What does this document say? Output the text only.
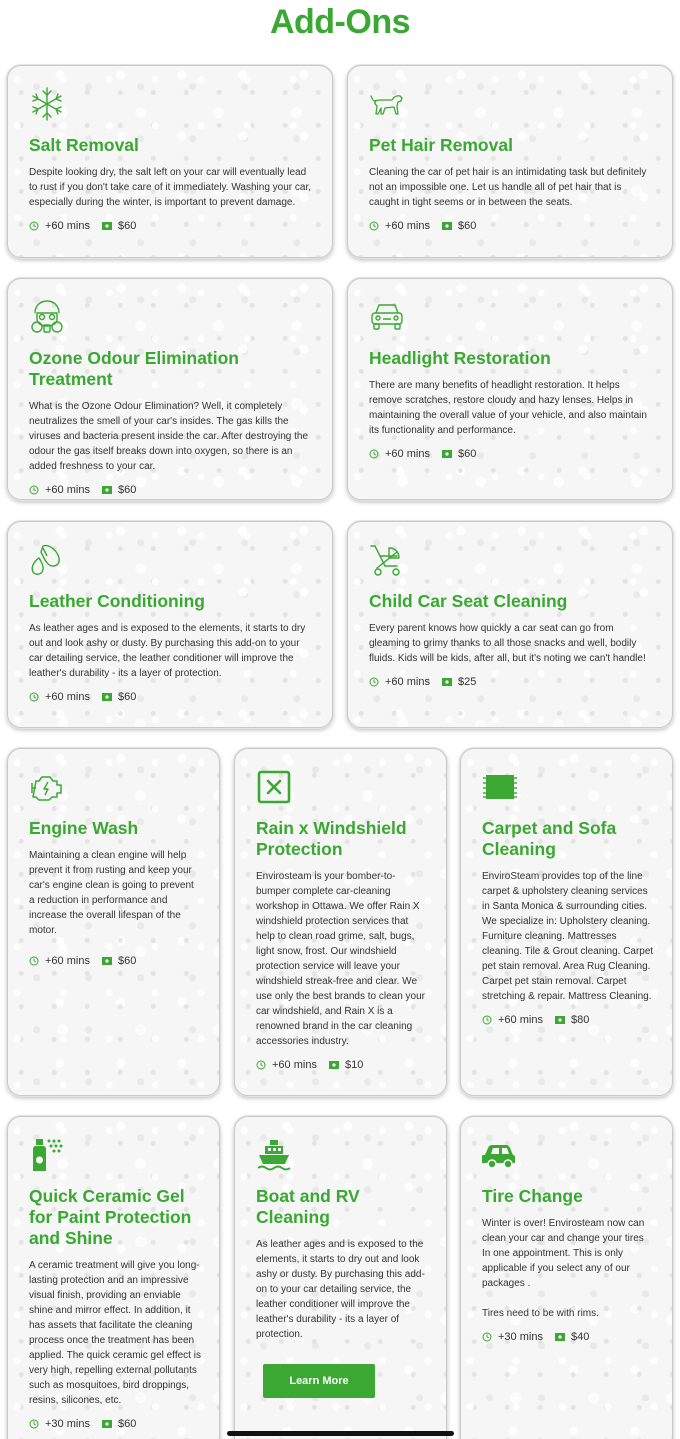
Add-Ons
Salt Removal
Despite looking dry, the salt left on your car will eventually lead to rust if you don't take care of it immediately. Washing your car, especially during the winter, is important to prevent damage.
+60 mins	$60
Pet Hair Removal
Cleaning the car of pet hair is an intimidating task but definitely not an impossible one. Let us handle all of pet hair that is caught in tight seems or in between the seats.
+60 mins	$60
Ozone Odour Elimination Treatment
What is the Ozone Odour Elimination? Well, it completely neutralizes the smell of your car's insides. The gas kills the viruses and bacteria present inside the car. After destroying the odour the gas itself breaks down into oxygen, so there is an added freshness to your car.
+60 mins	$60
Headlight Restoration
There are many benefits of headlight restoration. It helps remove scratches, restore cloudy and hazy lenses. Helps in maintaining the overall value of your vehicle, and also maintain its functionality and performance.
+60 mins	$60
Leather Conditioning
As leather ages and is exposed to the elements, it starts to dry out and look ashy or dusty. By purchasing this add-on to your car detailing service, the leather conditioner will improve the leather's durability - its a layer of protection.
+60 mins	$60
Child Car Seat Cleaning
Every parent knows how quickly a car seat can go from gleaming to grimy thanks to all those snacks and well, bodily fluids. Kids will be kids, after all, but it's noting we can't handle!
+60 mins	$25
Engine Wash
Maintaining a clean engine will help prevent it from rusting and keep your car's engine clean is going to prevent a reduction in performance and increase the overall lifespan of the motor.
+60 mins	$60
Rain x Windshield Protection
Envirosteam is your bomber-to-bumper complete car-cleaning workshop in Ottawa. We offer Rain X windshield protection services that help to clean road grime, salt, bugs, light snow, frost. Our windshield protection service will leave your windshield streak-free and clear. We use only the best brands to clean your car windshield, and Rain X is a renowned brand in the car cleaning accessories industry.
+60 mins	$10
Carpet and Sofa Cleaning
EnviroSteam provides top of the line carpet & upholstery cleaning services in Santa Monica & surrounding cities. We specialize in: Upholstery cleaning. Furniture cleaning. Mattresses cleaning. Tile & Grout cleaning. Carpet pet stain removal. Area Rug Cleaning. Carpet pet stain removal. Carpet stretching & repair. Mattress Cleaning.
+60 mins	$80
Quick Ceramic Gel for Paint Protection and Shine
A ceramic treatment will give you long-lasting protection and an impressive visual finish, providing an enviable shine and mirror effect. In addition, it has assets that facilitate the cleaning process once the treatment has been applied. The quick ceramic gel effect is very high, repelling external pollutants such as mosquitoes, bird droppings, resins, silicones, etc.
+30 mins	$60
Boat and RV Cleaning
As leather ages and is exposed to the elements, it starts to dry out and look ashy or dusty. By purchasing this add-on to your car detailing service, the leather conditioner will improve the leather's durability - its a layer of protection.
Learn More
Tire Change
Winter is over! Envirosteam now can clean your car and change your tires In one appointment. This is only applicable if you select any of our packages .
Tires need to be with rims.
+30 mins	$40
